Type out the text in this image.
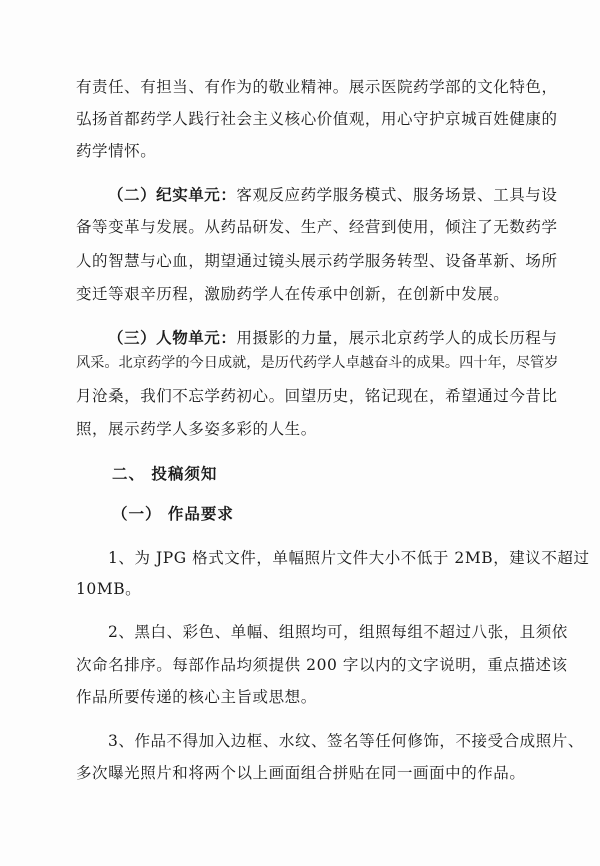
有责任、有担当、有作为的敬业精神。展示医院药学部的文化特色，
弘扬首都药学人践行社会主义核心价值观，用心守护京城百姓健康的
药学情怀。
（二）纪实单元：客观反应药学服务模式、服务场景、工具与设
备等变革与发展。从药品研发、生产、经营到使用，倾注了无数药学
人的智慧与心血，期望通过镜头展示药学服务转型、设备革新、场所
变迁等艰辛历程，激励药学人在传承中创新，在创新中发展。
（三）人物单元：用摄影的力量，展示北京药学人的成长历程与
风采。北京药学的今日成就，是历代药学人卓越奋斗的成果。四十年，尽管岁
月沧桑，我们不忘学药初心。回望历史，铭记现在，希望通过今昔比
照，展示药学人多姿多彩的人生。
二、 投稿须知
（一） 作品要求
1、为 JPG 格式文件，单幅照片文件大小不低于 2MB，建议不超过
10MB。
2、黑白、彩色、单幅、组照均可，组照每组不超过八张，且须依
次命名排序。每部作品均须提供 200 字以内的文字说明，重点描述该
作品所要传递的核心主旨或思想。
3、作品不得加入边框、水纹、签名等任何修饰，不接受合成照片、
多次曝光照片和将两个以上画面组合拼贴在同一画面中的作品。
